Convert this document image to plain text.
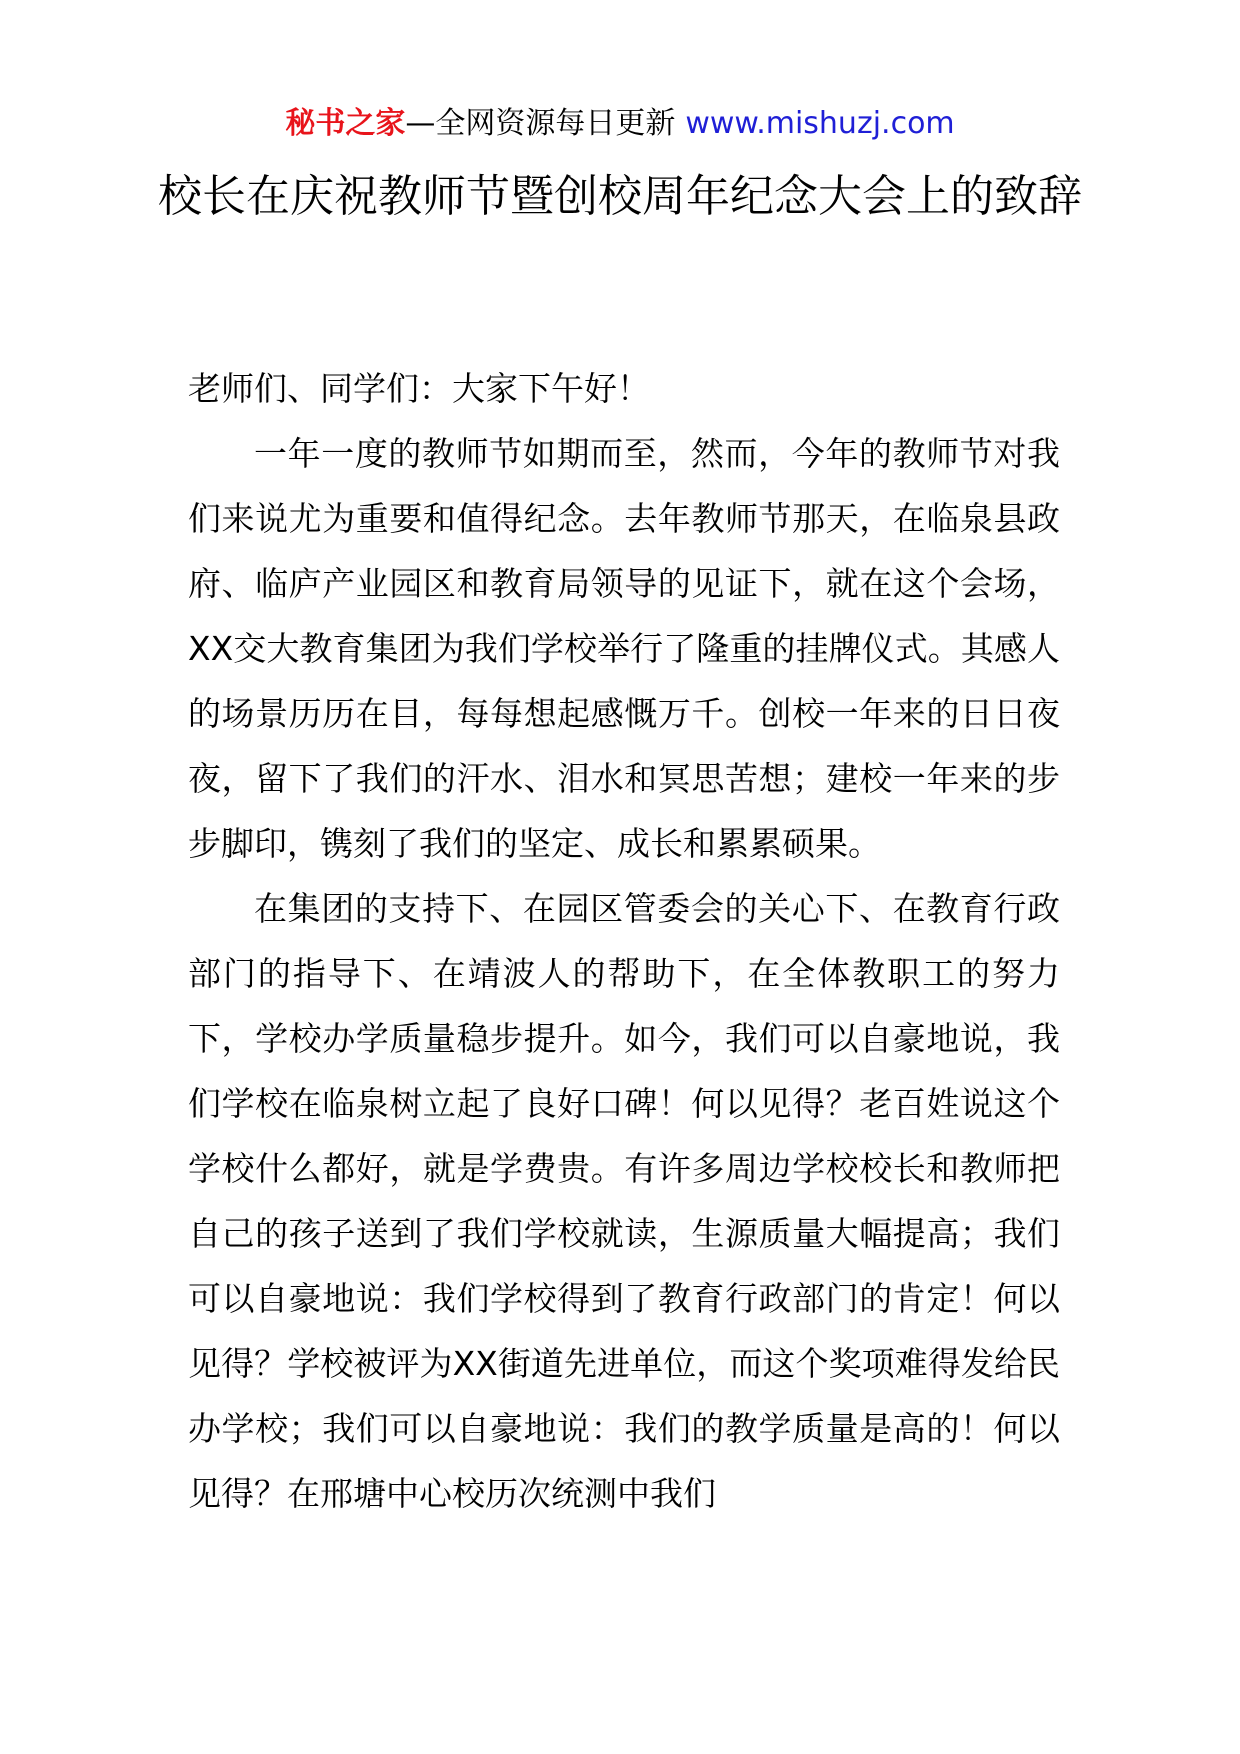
秘书之家—全网资源每日更新 www.mishuzj.com
校长在庆祝教师节暨创校周年纪念大会上的致辞

老师们、同学们：大家下午好！

一年一度的教师节如期而至，然而，今年的教师节对我们来说尤为重要和值得纪念。去年教师节那天，在临泉县政府、临庐产业园区和教育局领导的见证下，就在这个会场，XX交大教育集团为我们学校举行了隆重的挂牌仪式。其感人的场景历历在目，每每想起感慨万千。创校一年来的日日夜夜，留下了我们的汗水、泪水和冥思苦想；建校一年来的步步脚印，镌刻了我们的坚定、成长和累累硕果。

在集团的支持下、在园区管委会的关心下、在教育行政部门的指导下、在靖波人的帮助下，在全体教职工的努力下，学校办学质量稳步提升。如今，我们可以自豪地说，我们学校在临泉树立起了良好口碑！何以见得？老百姓说这个学校什么都好，就是学费贵。有许多周边学校校长和教师把自己的孩子送到了我们学校就读，生源质量大幅提高；我们可以自豪地说：我们学校得到了教育行政部门的肯定！何以见得？学校被评为XX街道先进单位，而这个奖项难得发给民办学校；我们可以自豪地说：我们的教学质量是高的！何以见得？在邢塘中心校历次统测中我们
